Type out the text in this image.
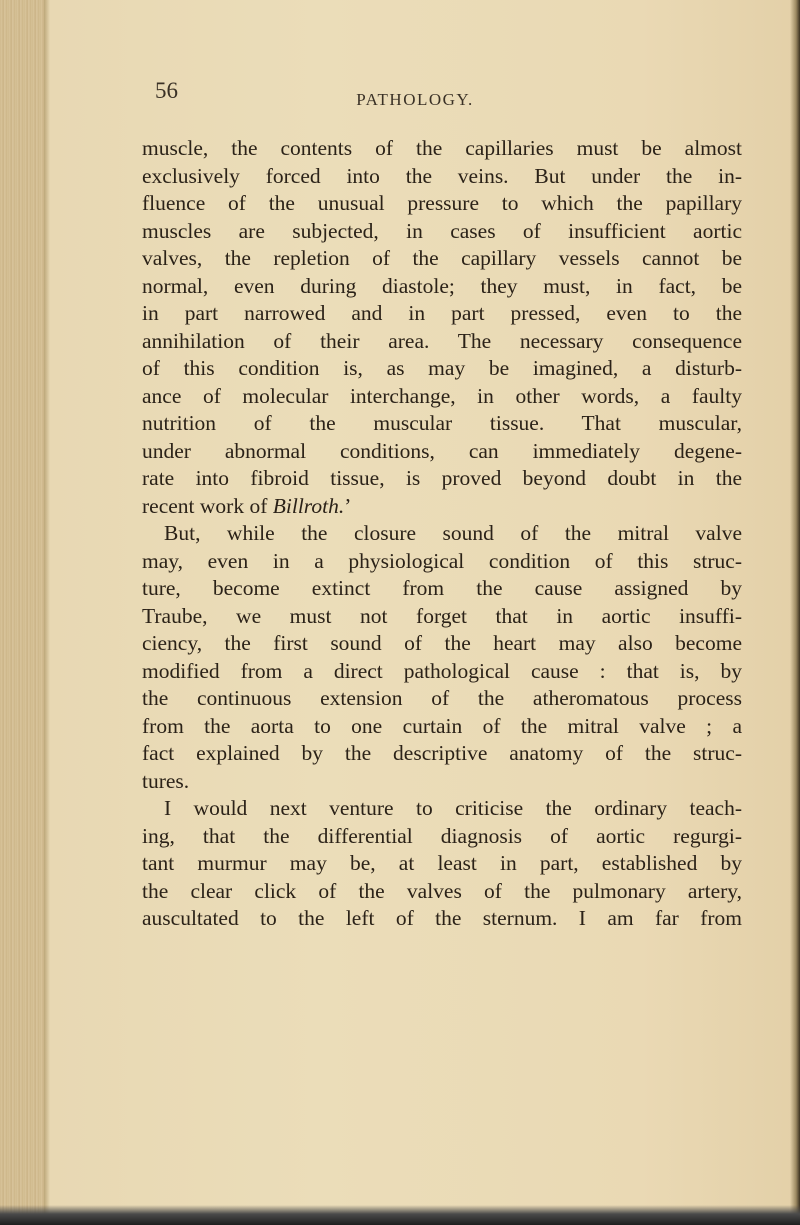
56	PATHOLOGY.
muscle, the contents of the capillaries must be almost
exclusively forced into the veins. But under the in-
fluence of the unusual pressure to which the papillary
muscles are subjected, in cases of insufficient aortic
valves, the repletion of the capillary vessels cannot be
normal, even during diastole; they must, in fact, be
in part narrowed and in part pressed, even to the
annihilation of their area. The necessary consequence
of this condition is, as may be imagined, a disturb-
ance of molecular interchange, in other words, a faulty
nutrition of the muscular tissue. That muscular,
under abnormal conditions, can immediately degene-
rate into fibroid tissue, is proved beyond doubt in the
recent work of Billroth.’
But, while the closure sound of the mitral valve
may, even in a physiological condition of this struc-
ture, become extinct from the cause assigned by
Traube, we must not forget that in aortic insuffi-
ciency, the first sound of the heart may also become
modified from a direct pathological cause : that is, by
the continuous extension of the atheromatous process
from the aorta to one curtain of the mitral valve ; a
fact explained by the descriptive anatomy of the struc-
tures.
I would next venture to criticise the ordinary teach-
ing, that the differential diagnosis of aortic regurgi-
tant murmur may be, at least in part, established by
the clear click of the valves of the pulmonary artery,
auscultated to the left of the sternum. I am far from
